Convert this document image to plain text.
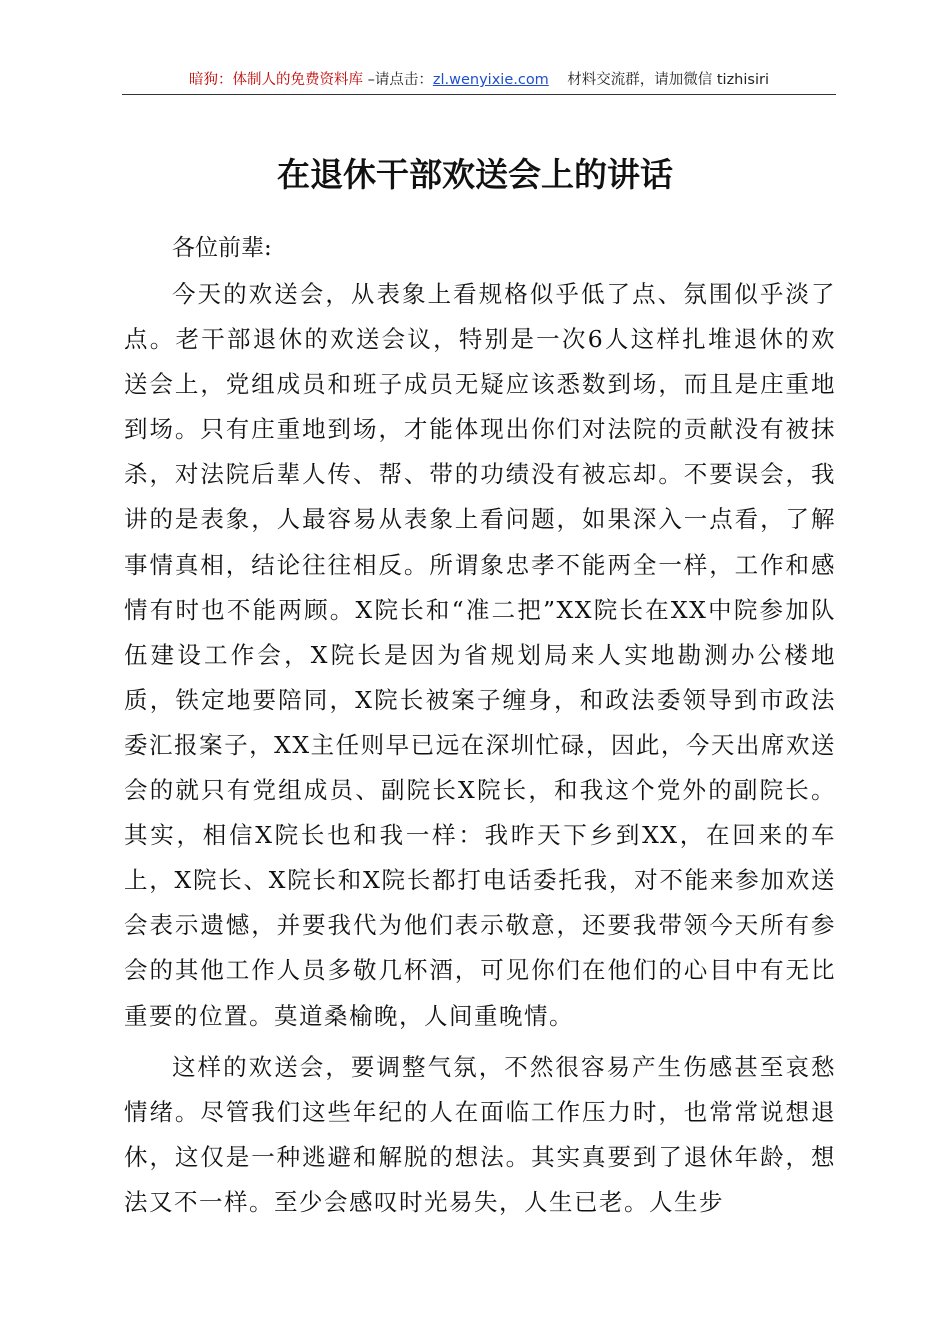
暗狗：体制人的免费资料库 –请点击：zl.wenyixie.com 材料交流群，请加微信 tizhisiri
在退休干部欢送会上的讲话

各位前辈:

今天的欢送会，从表象上看规格似乎低了点、氛围似乎淡了点。老干部退休的欢送会议，特别是一次6人这样扎堆退休的欢送会上，党组成员和班子成员无疑应该悉数到场，而且是庄重地到场。只有庄重地到场，才能体现出你们对法院的贡献没有被抹杀，对法院后辈人传、帮、带的功绩没有被忘却。不要误会，我讲的是表象，人最容易从表象上看问题，如果深入一点看，了解事情真相，结论往往相反。所谓象忠孝不能两全一样，工作和感情有时也不能两顾。X院长和“准二把”XX院长在XX中院参加队伍建设工作会，X院长是因为省规划局来人实地勘测办公楼地质，铁定地要陪同，X院长被案子缠身，和政法委领导到市政法委汇报案子，XX主任则早已远在深圳忙碌，因此，今天出席欢送会的就只有党组成员、副院长X院长，和我这个党外的副院长。其实，相信X院长也和我一样：我昨天下乡到XX，在回来的车上，X院长、X院长和X院长都打电话委托我，对不能来参加欢送会表示遗憾，并要我代为他们表示敬意，还要我带领今天所有参会的其他工作人员多敬几杯酒，可见你们在他们的心目中有无比重要的位置。莫道桑榆晚，人间重晚情。

这样的欢送会，要调整气氛，不然很容易产生伤感甚至哀愁情绪。尽管我们这些年纪的人在面临工作压力时，也常常说想退休，这仅是一种逃避和解脱的想法。其实真要到了退休年龄，想法又不一样。至少会感叹时光易失，人生已老。人生步
